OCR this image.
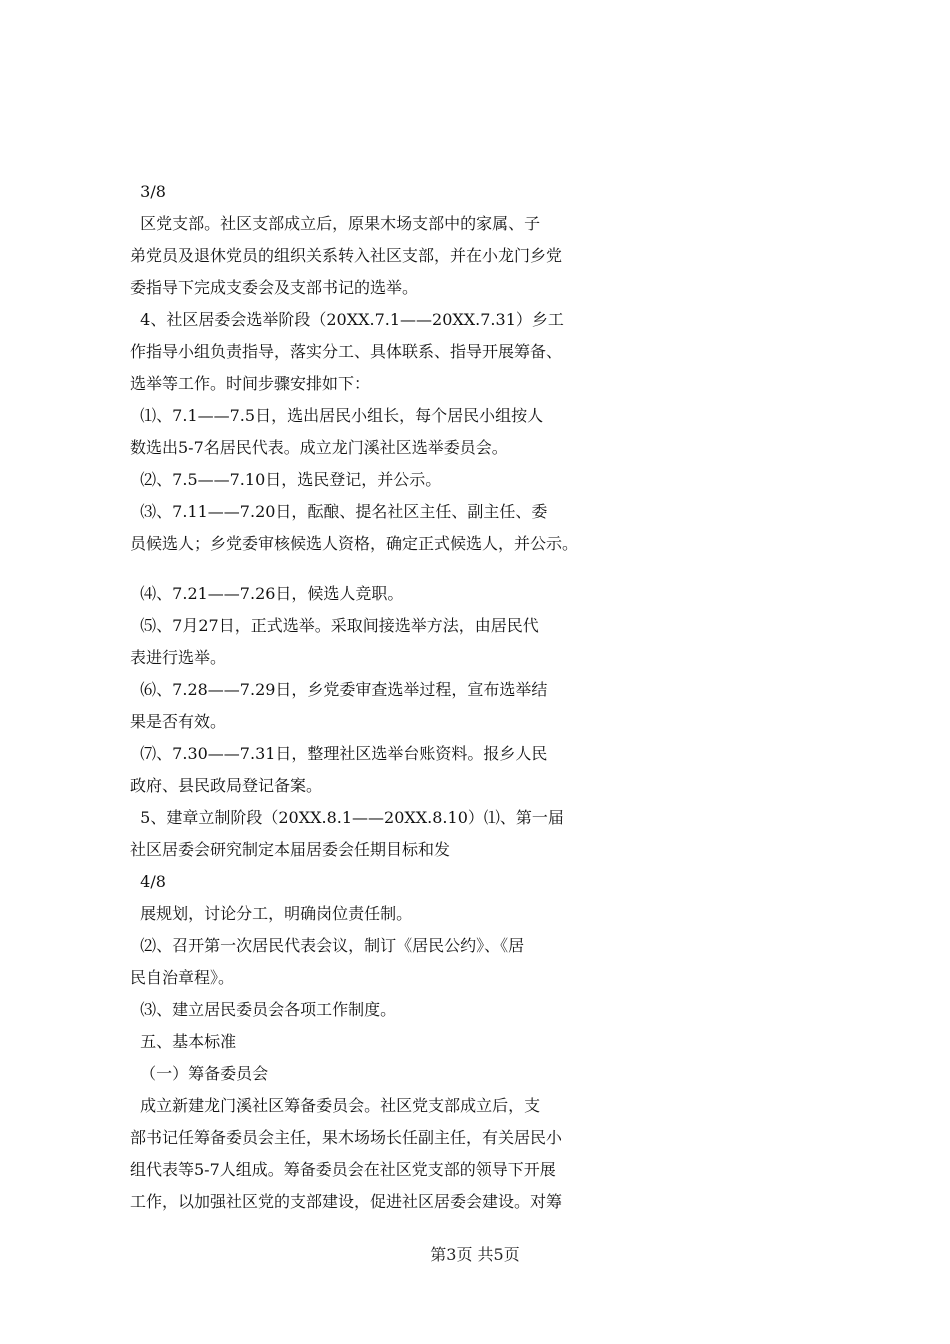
3/8
区党支部。社区支部成立后，原果木场支部中的家属、子
弟党员及退休党员的组织关系转入社区支部，并在小龙门乡党
委指导下完成支委会及支部书记的选举。
4、社区居委会选举阶段（20XX.7.1——20XX.7.31）乡工
作指导小组负责指导，落实分工、具体联系、指导开展筹备、
选举等工作。时间步骤安排如下：
⑴、7.1——7.5日，选出居民小组长，每个居民小组按人
数选出5-7名居民代表。成立龙门溪社区选举委员会。
⑵、7.5——7.10日，选民登记，并公示。
⑶、7.11——7.20日，酝酿、提名社区主任、副主任、委
员候选人；乡党委审核候选人资格，确定正式候选人，并公示。
⑷、7.21——7.26日，候选人竞职。
⑸、7月27日，正式选举。采取间接选举方法，由居民代
表进行选举。
⑹、7.28——7.29日，乡党委审查选举过程，宣布选举结
果是否有效。
⑺、7.30——7.31日，整理社区选举台账资料。报乡人民
政府、县民政局登记备案。
5、建章立制阶段（20XX.8.1——20XX.8.10）⑴、第一届
社区居委会研究制定本届居委会任期目标和发
4/8
展规划，讨论分工，明确岗位责任制。
⑵、召开第一次居民代表会议，制订《居民公约》、《居
民自治章程》。
⑶、建立居民委员会各项工作制度。
五、基本标准
（一）筹备委员会
成立新建龙门溪社区筹备委员会。社区党支部成立后，支
部书记任筹备委员会主任，果木场场长任副主任，有关居民小
组代表等5-7人组成。筹备委员会在社区党支部的领导下开展
工作，以加强社区党的支部建设，促进社区居委会建设。对筹
第3页 共5页
